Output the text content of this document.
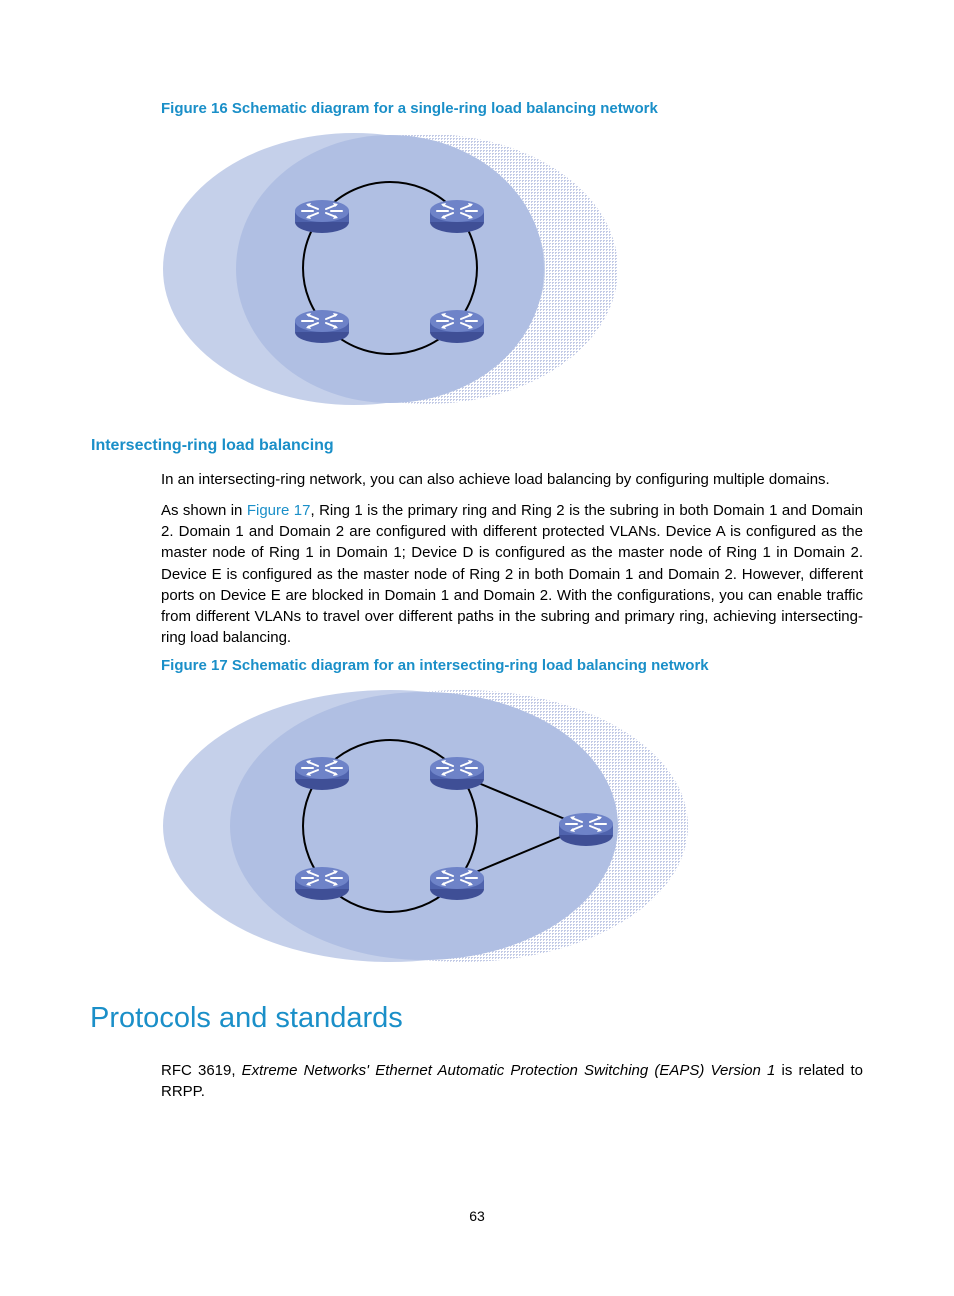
Figure 16 Schematic diagram for a single-ring load balancing network

Intersecting-ring load balancing

In an intersecting-ring network, you can also achieve load balancing by configuring multiple domains.

As shown in Figure 17, Ring 1 is the primary ring and Ring 2 is the subring in both Domain 1 and Domain 2. Domain 1 and Domain 2 are configured with different protected VLANs. Device A is configured as the master node of Ring 1 in Domain 1; Device D is configured as the master node of Ring 1 in Domain 2. Device E is configured as the master node of Ring 2 in both Domain 1 and Domain 2. However, different ports on Device E are blocked in Domain 1 and Domain 2. With the configurations, you can enable traffic from different VLANs to travel over different paths in the subring and primary ring, achieving intersecting-ring load balancing.

Figure 17 Schematic diagram for an intersecting-ring load balancing network

Protocols and standards

RFC 3619, Extreme Networks' Ethernet Automatic Protection Switching (EAPS) Version 1 is related to RRPP.

63
